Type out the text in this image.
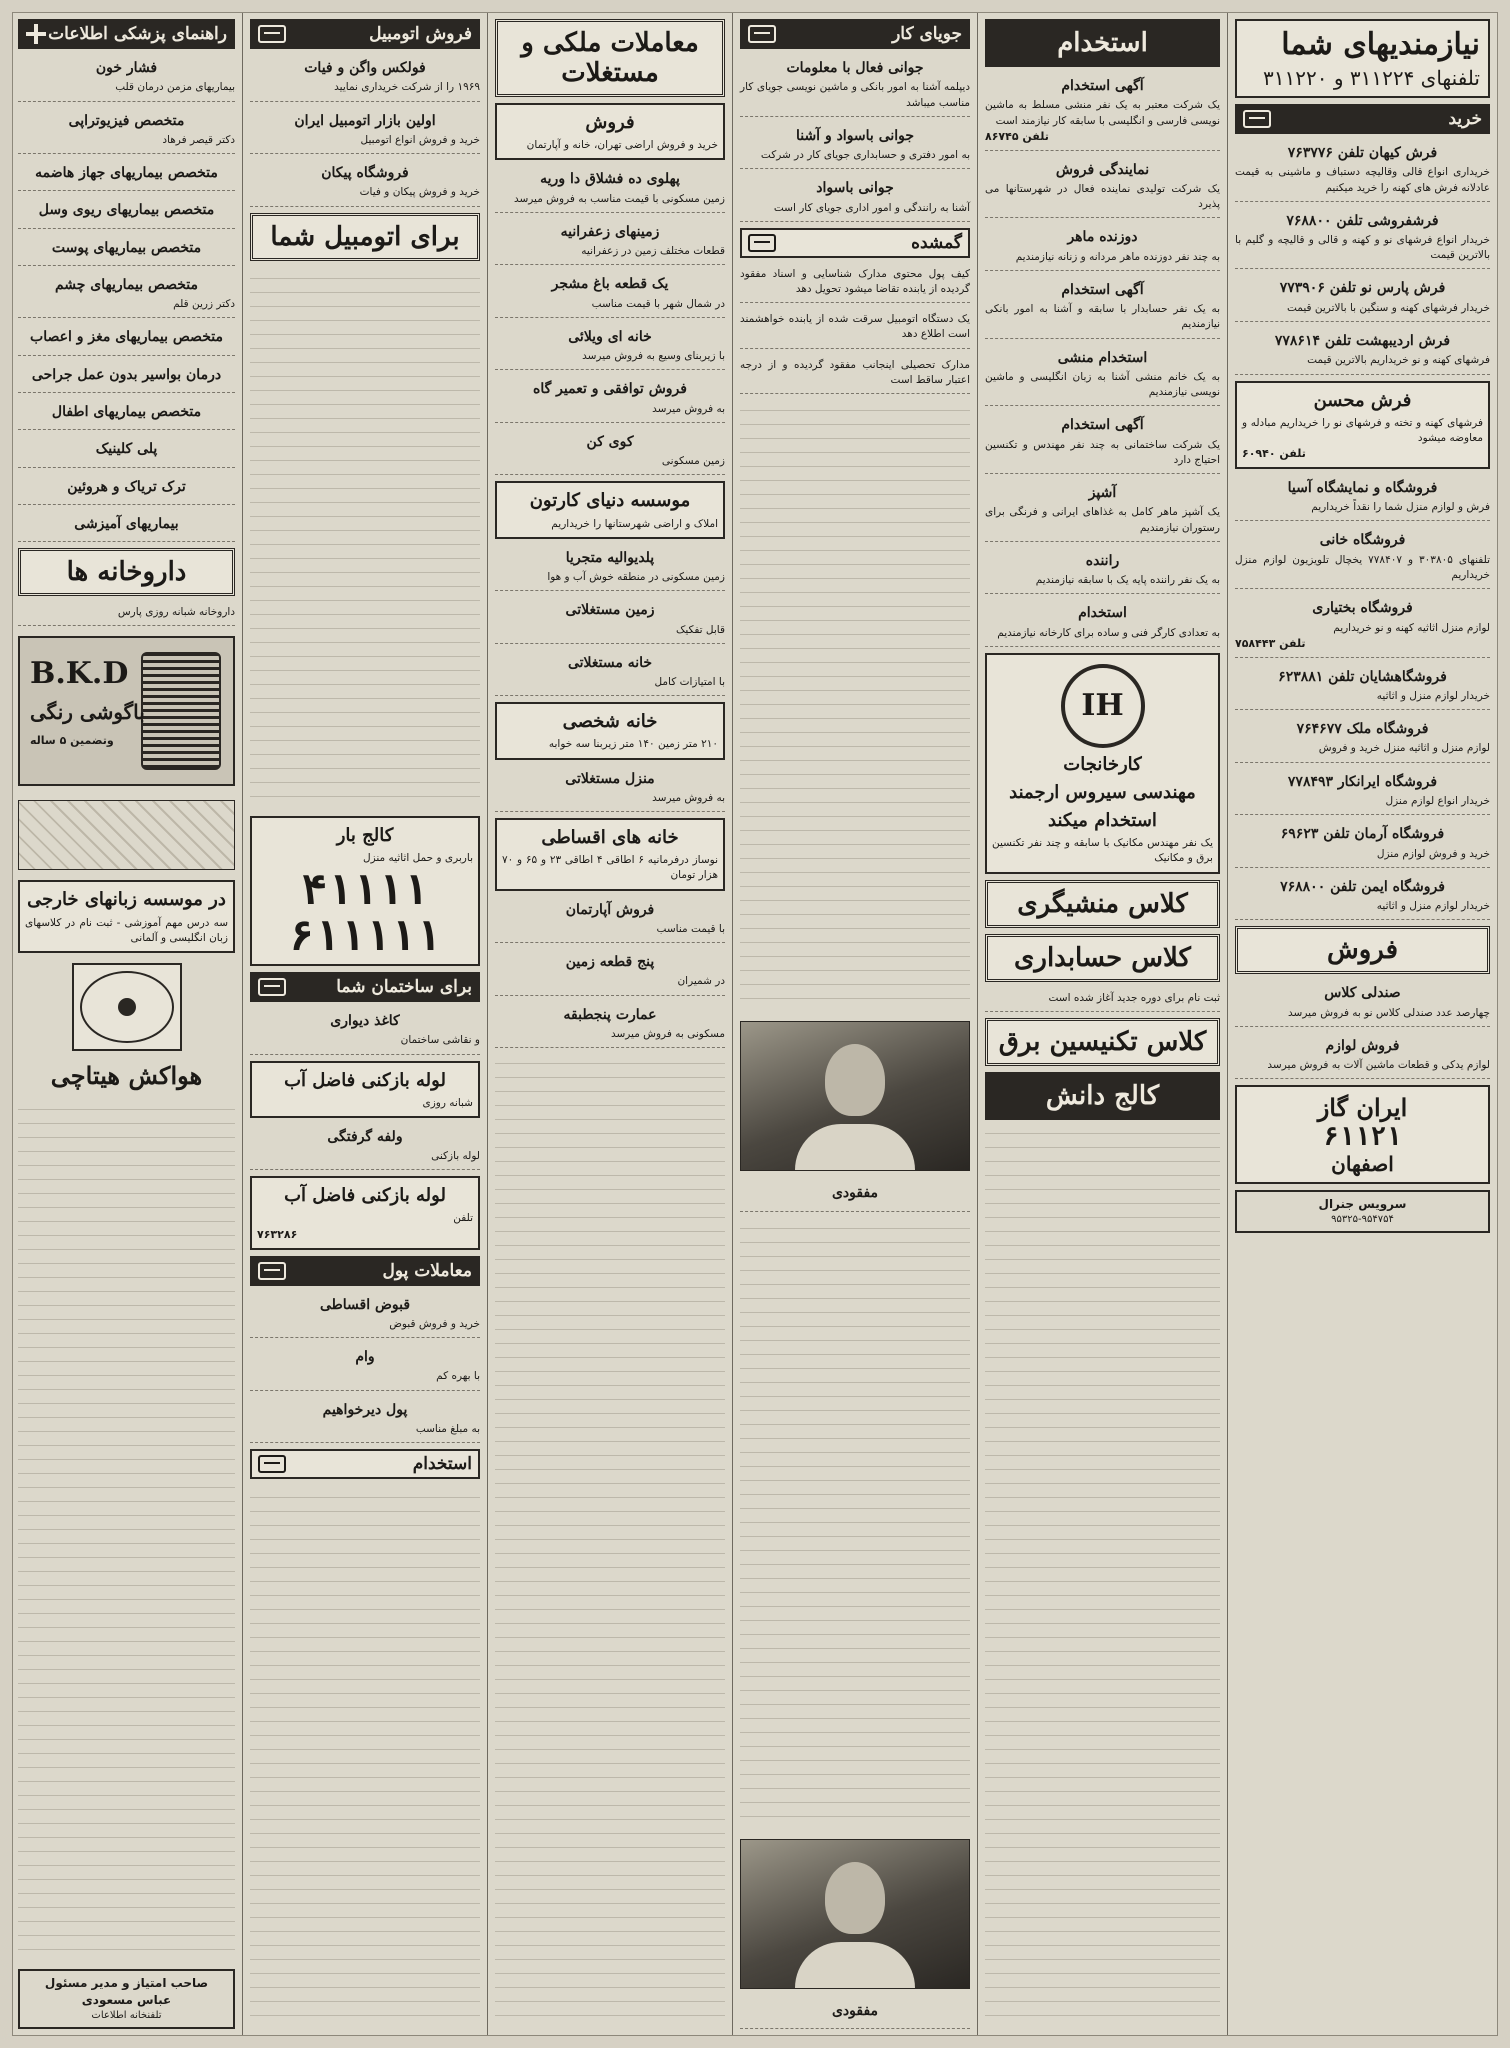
نیازمندیهای شما
تلفنهای ۳۱۱۲۲۴ و ۳۱۱۲۲۰
خرید
فرش کیهان تلفن ۷۶۳۷۷۶
خریداری انواع قالی وقالیچه دستباف و ماشینی به قیمت عادلانه فرش های کهنه را خرید میکنیم
فرشفروشی تلفن ۷۶۸۸۰۰
خریدار انواع فرشهای نو و کهنه و قالی و قالیچه و گلیم با بالاترین قیمت
فرش پارس نو تلفن ۷۷۳۹۰۶
خریدار فرشهای کهنه و سنگین با بالاترین قیمت
فرش اردیبهشت تلفن ۷۷۸۶۱۴
فرشهای کهنه و نو خریداریم بالاترین قیمت
فرش محسن
فرشهای کهنه و تخته و فرشهای نو را خریداریم مبادله و معاوضه میشود
تلفن ۶۰۹۴۰
فروشگاه و نمایشگاه آسیا
فرش و لوازم منزل شما را نقداً خریداریم
فروشگاه خانی
تلفنهای ۳۰۳۸۰۵ و ۷۷۸۴۰۷ یخچال تلویزیون لوازم منزل خریداریم
فروشگاه بختیاری
لوازم منزل اثاثیه کهنه و نو خریداریم
تلفن ۷۵۸۴۴۳
فروشگاهشایان تلفن ۶۲۳۸۸۱
خریدار لوازم منزل و اثاثیه
فروشگاه ملک ۷۶۴۶۷۷
لوازم منزل و اثاثیه منزل خرید و فروش
فروشگاه ایرانکار ۷۷۸۴۹۳
خریدار انواع لوازم منزل
فروشگاه آرمان تلفن ۶۹۶۲۳
خرید و فروش لوازم منزل
فروشگاه ایمن تلفن ۷۶۸۸۰۰
خریدار لوازم منزل و اثاثیه
فروش
صندلی کلاس
چهارصد عدد صندلی کلاس نو به فروش میرسد
فروش لوازم
لوازم یدکی و قطعات ماشین آلات به فروش میرسد
ایران گاز
۶۱۱۲۱
اصفهان
سرویس جنرال
۹۵۳۲۵-۹۵۴۷۵۴
استخدام
آگهی استخدام
یک شرکت معتبر به یک نفر منشی مسلط به ماشین نویسی فارسی و انگلیسی با سابقه کار نیازمند است
تلفن ۸۶۷۴۵
نمایندگی فروش
یک شرکت تولیدی نماینده فعال در شهرستانها می پذیرد
دوزنده ماهر
به چند نفر دوزنده ماهر مردانه و زنانه نیازمندیم
آگهی استخدام
به یک نفر حسابدار با سابقه و آشنا به امور بانکی نیازمندیم
استخدام منشی
به یک خانم منشی آشنا به زبان انگلیسی و ماشین نویسی نیازمندیم
آگهی استخدام
یک شرکت ساختمانی به چند نفر مهندس و تکنسین احتیاج دارد
آشپز
یک آشپز ماهر کامل به غذاهای ایرانی و فرنگی برای رستوران نیازمندیم
راننده
به یک نفر راننده پایه یک با سابقه نیازمندیم
استخدام
به تعدادی کارگر فنی و ساده برای کارخانه نیازمندیم
IH
کارخانجات
مهندسی سیروس ارجمند
استخدام میکند
یک نفر مهندس مکانیک با سابقه و چند نفر تکنسین برق و مکانیک
کلاس منشیگری
کلاس حسابداری
ثبت نام برای دوره جدید آغاز شده است
کلاس تکنیسین برق
کالج دانش
جویای کار
جوانی فعال با معلومات
دیپلمه آشنا به امور بانکی و ماشین نویسی جویای کار مناسب میباشد
جوانی باسواد و آشنا
به امور دفتری و حسابداری جویای کار در شرکت
جوانی باسواد
آشنا به رانندگی و امور اداری جویای کار است
گمشده
کیف پول محتوی مدارک شناسایی و اسناد مفقود گردیده از یابنده تقاضا میشود تحویل دهد
یک دستگاه اتومبیل سرقت شده از یابنده خواهشمند است اطلاع دهد
مدارک تحصیلی اینجانب مفقود گردیده و از درجه اعتبار ساقط است
مفقودی
مفقودی
معاملات ملکی و مستغلات
فروش
خرید و فروش اراضی تهران، خانه و آپارتمان
پهلوی ده فشلاق دا وریه
زمین مسکونی با قیمت مناسب به فروش میرسد
زمینهای زعفرانیه
قطعات مختلف زمین در زعفرانیه
یک قطعه باغ مشجر
در شمال شهر با قیمت مناسب
خانه ای ویلائی
با زیربنای وسیع به فروش میرسد
فروش توافقی و تعمیر گاه
به فروش میرسد
کوی کن
زمین مسکونی
موسسه دنیای کارتون
املاک و اراضی شهرستانها را خریداریم
پلدیوالیه متجریا
زمین مسکونی در منطقه خوش آب و هوا
زمین مستغلاتی
قابل تفکیک
خانه مستغلاتی
با امتیازات کامل
خانه شخصی
۲۱۰ متر زمین ۱۴۰ متر زیربنا سه خوابه
منزل مستغلاتی
به فروش میرسد
خانه های اقساطی
نوساز درفرمانیه ۶ اطاقی ۴ اطاقی ۲۳ و ۶۵ و ۷۰ هزار تومان
فروش آپارتمان
با قیمت مناسب
پنج قطعه زمین
در شمیران
عمارت پنجطبقه
مسکونی به فروش میرسد
فروش اتومبیل
فولکس واگن و فیات
۱۹۶۹ را از شرکت خریداری نمایید
اولین بازار اتومبیل ایران
خرید و فروش انواع اتومبیل
فروشگاه پیکان
خرید و فروش پیکان و فیات
برای اتومبیل شما
کالج بار
باربری و حمل اثاثیه منزل
۴۱۱۱۱
۶۱۱۱۱۱
برای ساختمان شما
کاغذ دیواری
و نقاشی ساختمان
لوله بازکنی فاضل آب
شبانه روزی
ولفه گرفتگی
لوله بازکنی
لوله بازکنی فاضل آب
تلفن
۷۶۳۲۸۶
معاملات پول
قبوض اقساطی
خرید و فروش قبوض
وام
با بهره کم
پول دیرخواهیم
به مبلغ مناسب
استخدام
راهنمای پزشکی اطلاعات
فشار خون
بیماریهای مزمن درمان قلب
متخصص فیزیوتراپی
دکتر قیصر فرهاد
متخصص بیماریهای جهاز هاضمه
متخصص بیماریهای ریوی وسل
متخصص بیماریهای پوست
متخصص بیماریهای چشم
دکتر زرین قلم
متخصص بیماریهای مغز و اعصاب
درمان بواسیر بدون عمل جراحی
متخصص بیماریهای اطفال
پلی کلینیک
ترک تریاک و هروئین
بیماریهای آمیزشی
داروخانه ها
داروخانه شبانه روزی پارس
B.K.D
باگوشی رنگی
وتضمین ۵ ساله
در موسسه زبانهای خارجی
سه درس مهم آموزشی - ثبت نام در کلاسهای زبان انگلیسی و آلمانی
هواکش هیتاچی
صاحب امتیاز و مدیر مسئول
عباس مسعودی
تلفنخانه اطلاعات
